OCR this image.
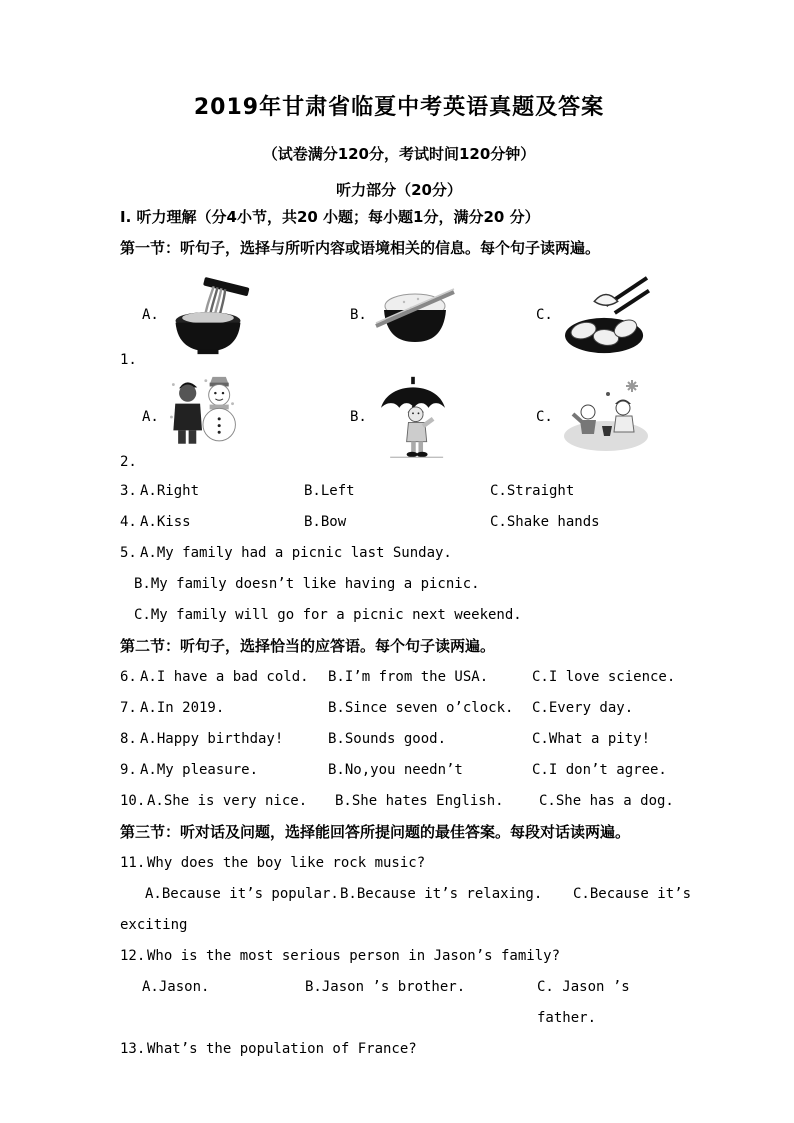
2019年甘肃省临夏中考英语真题及答案

（试卷满分120分，考试时间120分钟）

听力部分（20分）

I. 听力理解（分4小节，共20 小题；每小题1分，满分20 分）

第一节：听句子，选择与所听内容或语境相关的信息。每个句子读两遍。

A.	B.	C.
1.
A.	B.	C.
2.
3. A.Right	B.Left	C.Straight
4. A.Kiss	B.Bow	C.Shake hands
5. A.My family had a picnic last Sunday.

B.My family doesn’t like having a picnic.

C.My family will go for a picnic next weekend.

第二节：听句子，选择恰当的应答语。每个句子读两遍。

6. A.I have a bad cold.	B.I’m from the USA.	C.I love science.
7. A.In 2019.	B.Since seven o’clock.	C.Every day.
8. A.Happy birthday!	B.Sounds good.	C.What a pity!
9. A.My pleasure.	B.No,you needn’t	C.I don’t agree.
10. A.She is very nice.	B.She hates English.	C.She has a dog.

第三节：听对话及问题，选择能回答所提问题的最佳答案。每段对话读两遍。

11. Why does the boy like rock music?
A.Because it’s popular. B.Because it’s relaxing.	C.Because it’s

exciting

12. Who is the most serious person in Jason’s family?
A.Jason.	B.Jason ’s brother.	C. Jason ’s father.
13. What’s the population of France?
